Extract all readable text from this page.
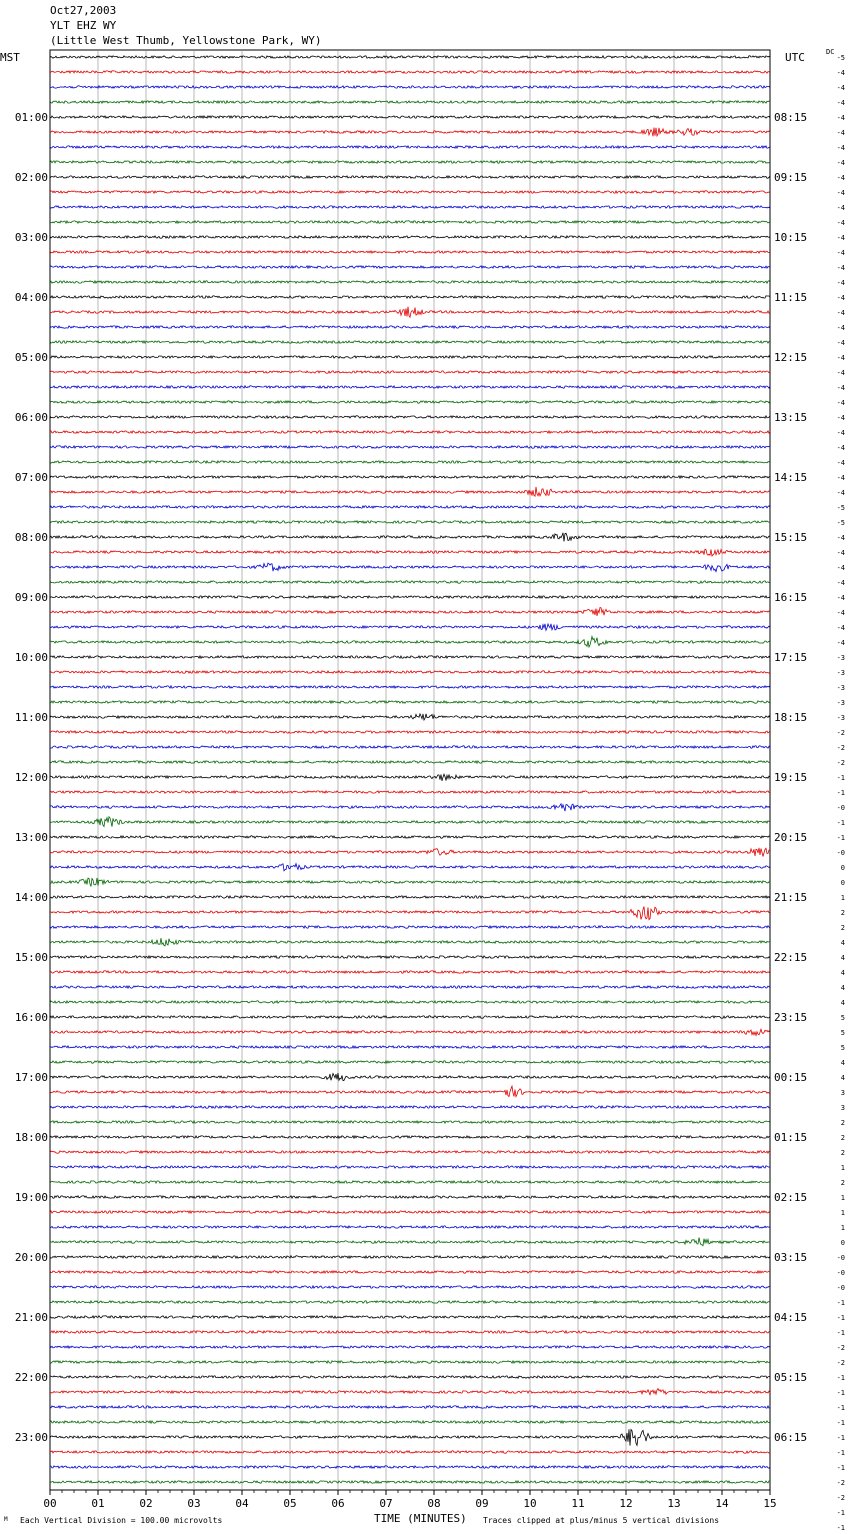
Oct27,2003
YLT EHZ WY
(Little West Thumb, Yellowstone Park, WY)
MST	UTC	DC
01:00
02:00
03:00
04:00
05:00
06:00
07:00
08:00
09:00
10:00
11:00
12:00
13:00
14:00
15:00
16:00
17:00
18:00
19:00
20:00
21:00
22:00
23:00
08:15
09:15
10:15
11:15
12:15
13:15
14:15
15:15
16:15
17:15
18:15
19:15
20:15
21:15
22:15
23:15
00:15
01:15
02:15
03:15
04:15
05:15
06:15
-5
-4
-4
-4
-4
-4
-4
-4
-4
-4
-4
-4
-4
-4
-4
-4
-4
-4
-4
-4
-4
-4
-4
-4
-4
-4
-4
-4
-4
-4
-5
-5
-4
-4
-4
-4
-4
-4
-4
-4
-3
-3
-3
-3
-3
-2
-2
-2
-1
-1
-0
-1
-1
-0
0
0
1
2
2
4
4
4
4
4
5
5
5
4
4
3
3
2
2
2
1
2
1
1
1
0
-0
-0
-0
-1
-1
-1
-2
-2
-1
-1
-1
-1
-1
-1
-1
-2
-2
-1
-1
00	01	02	03	04	05	06	07	08	09	10	11	12	13	14	15
M Each Vertical Division = 100.00 microvolts	TIME (MINUTES) Traces clipped at plus/minus 5 vertical divisions
